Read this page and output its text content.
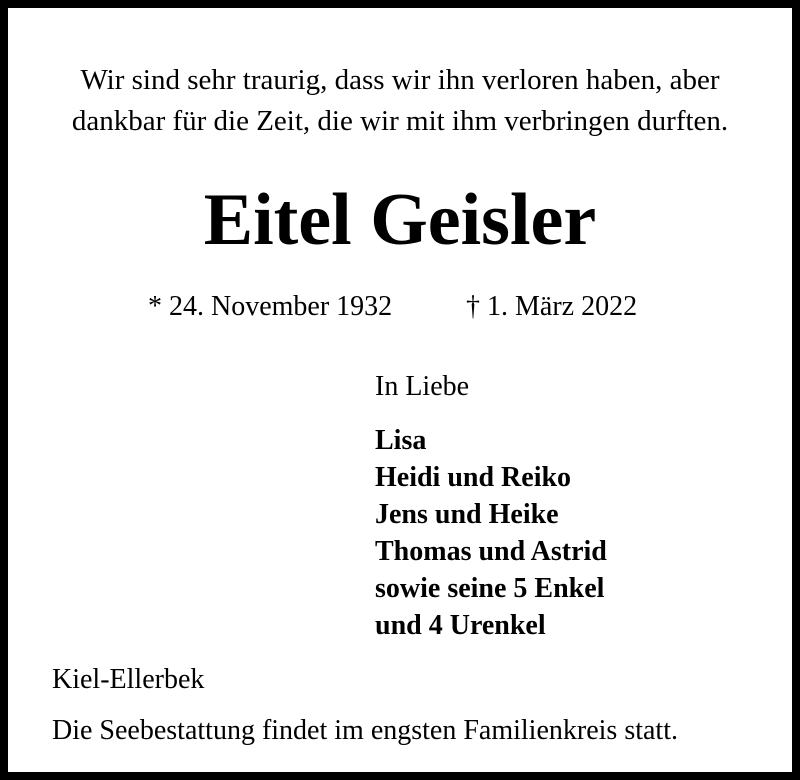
Wir sind sehr traurig, dass wir ihn verloren haben, aber
dankbar für die Zeit, die wir mit ihm verbringen durften.
Eitel Geisler
* 24. November 1932	† 1. März 2022
In Liebe
Lisa
Heidi und Reiko
Jens und Heike
Thomas und Astrid
sowie seine 5 Enkel
und 4 Urenkel
Kiel-Ellerbek
Die Seebestattung findet im engsten Familienkreis statt.
